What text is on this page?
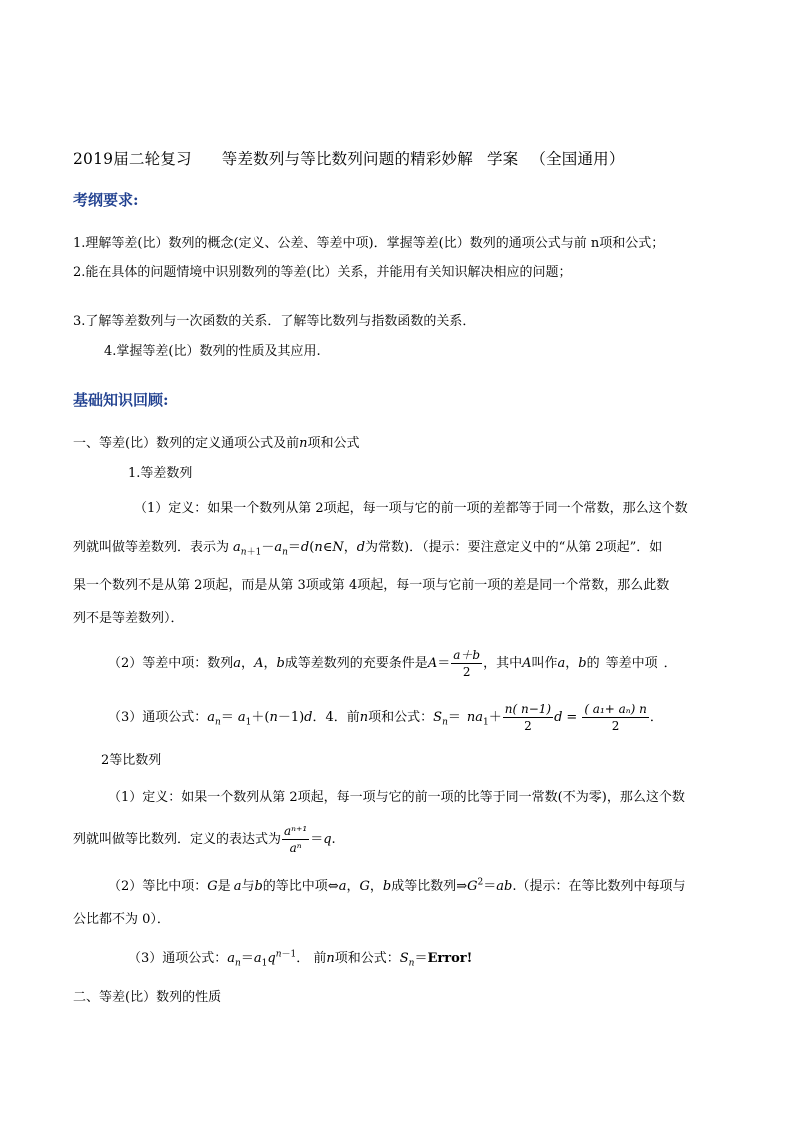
2019届二轮复习 等差数列与等比数列问题的精彩妙解 学案 （全国通用）
考纲要求:
1.理解等差(比）数列的概念(定义、公差、等差中项)．掌握等差(比）数列的通项公式与前 n项和公式；
2.能在具体的问题情境中识别数列的等差(比）关系，并能用有关知识解决相应的问题；
3.了解等差数列与一次函数的关系．了解等比数列与指数函数的关系．
4.掌握等差(比）数列的性质及其应用.
基础知识回顾:
一、等差(比）数列的定义通项公式及前n项和公式
1.等差数列
（1）定义：如果一个数列从第 2项起，每一项与它的前一项的差都等于同一个常数，那么这个数
列就叫做等差数列．表示为 $a_{n+1}-a_n=d(n\in N$，d为常数)．（提示：要注意定义中的“从第 2项起”．如
果一个数列不是从第 2项起，而是从第 3项或第 4项起，每一项与它前一项的差是同一个常数，那么此数
列不是等差数列）．
（2）等差中项：数列a，A，b成等差数列的充要条件是$A= \frac{a+b}{2}$ ，其中A叫作a，b的 等差中项 ．
（3）通项公式：$a_n= a_1+(n-1)d$．4．前n项和公式：$S_n= na_1+ \frac{n( n-1)}{2}$ $d = \frac{\text{( a₁+ aₙ) n}}{2}$ ．
2等比数列
（1）定义：如果一个数列从第 2项起，每一项与它的前一项的比等于同一常数(不为零)，那么这个数
列就叫做等比数列．定义的表达式为 $\frac{\text{aⁿ⁺¹}}{\text{aⁿ}} =q$.
（2）等比中项：G是 a与b的等比中项⇔a，G，b成等比数列$\Rightarrow G^2=ab$.（提示：在等比数列中每项与
公比都不为 0）．
（3）通项公式：$a_n=a_1q^{n-1}$． 前n项和公式：$S_n=Error$!
二、等差(比）数列的性质
